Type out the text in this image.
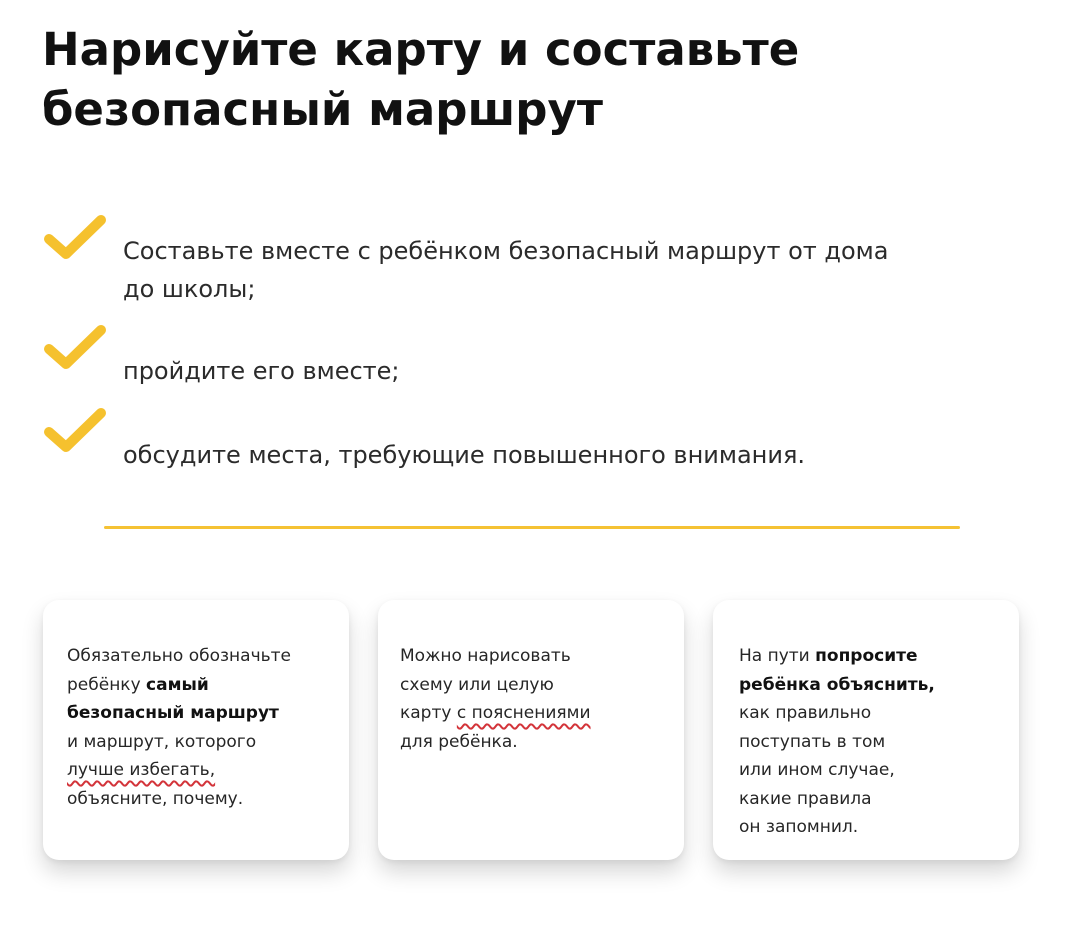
Нарисуйте карту и составьте
безопасный маршрут
Составьте вместе с ребёнком безопасный маршрут от дома
до школы;
пройдите его вместе;
обсудите места, требующие повышенного внимания.
Обязательно обозначьте
ребёнку самый
безопасный маршрут
и маршрут, которого
лучше избегать,
объясните, почему.
Можно нарисовать
схему или целую
карту с пояснениями
для ребёнка.
На пути попросите
ребёнка объяснить,
как правильно
поступать в том
или ином случае,
какие правила
он запомнил.
